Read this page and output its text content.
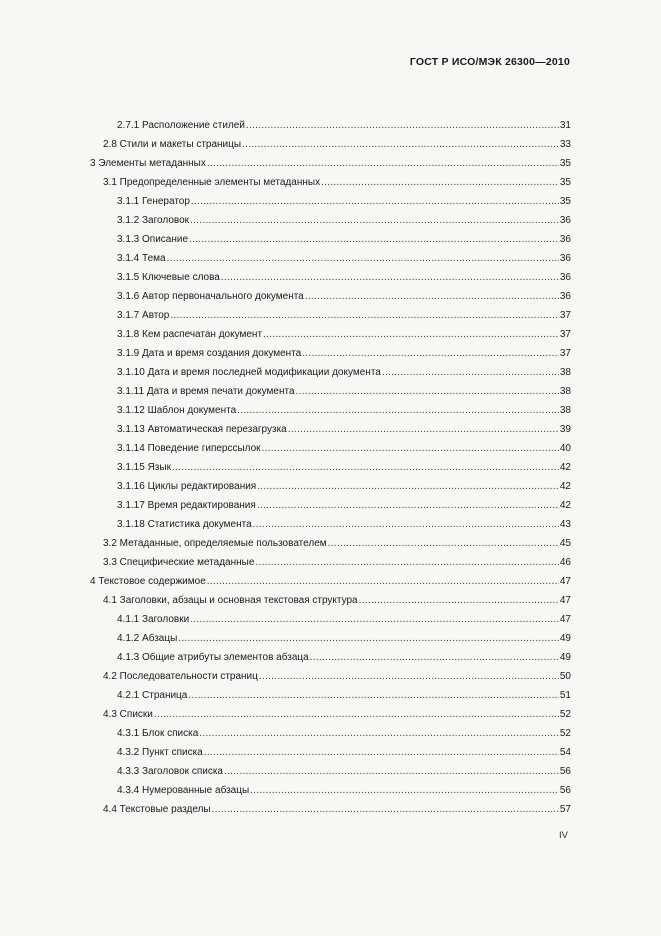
ГОСТ Р ИСО/МЭК 26300—2010
2.7.1 Расположение стилей .....	31
2.8 Стили и макеты страницы .....	33
3 Элементы метаданных .....	35
3.1 Предопределенные элементы метаданных .....	35
3.1.1 Генератор .....	35
3.1.2 Заголовок .....	36
3.1.3 Описание .....	36
3.1.4 Тема .....	36
3.1.5 Ключевые слова .....	36
3.1.6 Автор первоначального документа .....	36
3.1.7 Автор .....	37
3.1.8 Кем распечатан документ .....	37
3.1.9 Дата и время создания документа .....	37
3.1.10 Дата и время последней модификации документа .....	38
3.1.11 Дата и время печати документа .....	38
3.1.12 Шаблон документа .....	38
3.1.13 Автоматическая перезагрузка .....	39
3.1.14 Поведение гиперссылок .....	40
3.1.15 Язык .....	42
3.1.16 Циклы редактирования .....	42
3.1.17 Время редактирования .....	42
3.1.18 Статистика документа .....	43
3.2 Метаданные, определяемые пользователем .....	45
3.3 Специфические метаданные .....	46
4 Текстовое содержимое .....	47
4.1 Заголовки, абзацы и основная текстовая структура .....	47
4.1.1 Заголовки .....	47
4.1.2 Абзацы .....	49
4.1.3 Общие атрибуты элементов абзаца .....	49
4.2 Последовательности страниц .....	50
4.2.1 Страница .....	51
4.3 Списки .....	52
4.3.1 Блок списка .....	52
4.3.2 Пункт списка .....	54
4.3.3 Заголовок списка .....	56
4.3.4 Нумерованные абзацы .....	56
4.4 Текстовые разделы .....	57
IV
